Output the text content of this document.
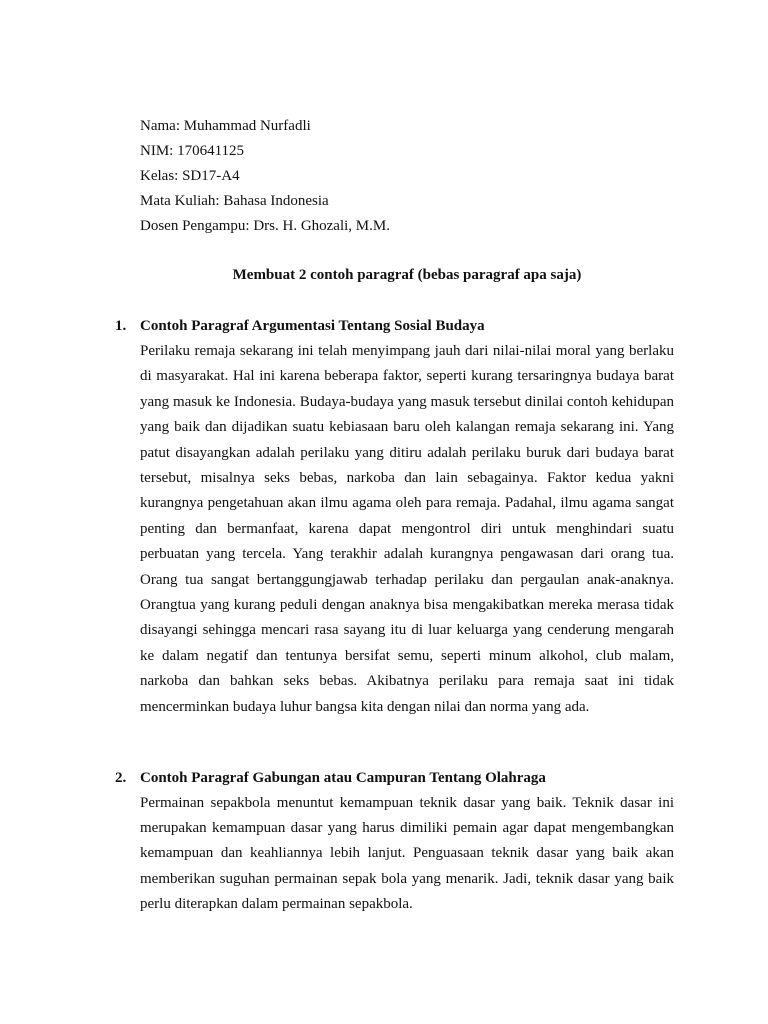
Nama: Muhammad Nurfadli
NIM: 170641125
Kelas: SD17-A4
Mata Kuliah: Bahasa Indonesia
Dosen Pengampu: Drs. H. Ghozali, M.M.
Membuat 2 contoh paragraf (bebas paragraf apa saja)
1. Contoh Paragraf Argumentasi Tentang Sosial Budaya
Perilaku remaja sekarang ini telah menyimpang jauh dari nilai-nilai moral yang berlaku di masyarakat. Hal ini karena beberapa faktor, seperti kurang tersaringnya budaya barat yang masuk ke Indonesia. Budaya-budaya yang masuk tersebut dinilai contoh kehidupan yang baik dan dijadikan suatu kebiasaan baru oleh kalangan remaja sekarang ini. Yang patut disayangkan adalah perilaku yang ditiru adalah perilaku buruk dari budaya barat tersebut, misalnya seks bebas, narkoba dan lain sebagainya. Faktor kedua yakni kurangnya pengetahuan akan ilmu agama oleh para remaja. Padahal, ilmu agama sangat penting dan bermanfaat, karena dapat mengontrol diri untuk menghindari suatu perbuatan yang tercela. Yang terakhir adalah kurangnya pengawasan dari orang tua. Orang tua sangat bertanggungjawab terhadap perilaku dan pergaulan anak-anaknya. Orangtua yang kurang peduli dengan anaknya bisa mengakibatkan mereka merasa tidak disayangi sehingga mencari rasa sayang itu di luar keluarga yang cenderung mengarah ke dalam negatif dan tentunya bersifat semu, seperti minum alkohol, club malam, narkoba dan bahkan seks bebas. Akibatnya perilaku para remaja saat ini tidak mencerminkan budaya luhur bangsa kita dengan nilai dan norma yang ada.
2. Contoh Paragraf Gabungan atau Campuran Tentang Olahraga
Permainan sepakbola menuntut kemampuan teknik dasar yang baik. Teknik dasar ini merupakan kemampuan dasar yang harus dimiliki pemain agar dapat mengembangkan kemampuan dan keahliannya lebih lanjut. Penguasaan teknik dasar yang baik akan memberikan suguhan permainan sepak bola yang menarik. Jadi, teknik dasar yang baik perlu diterapkan dalam permainan sepakbola.
